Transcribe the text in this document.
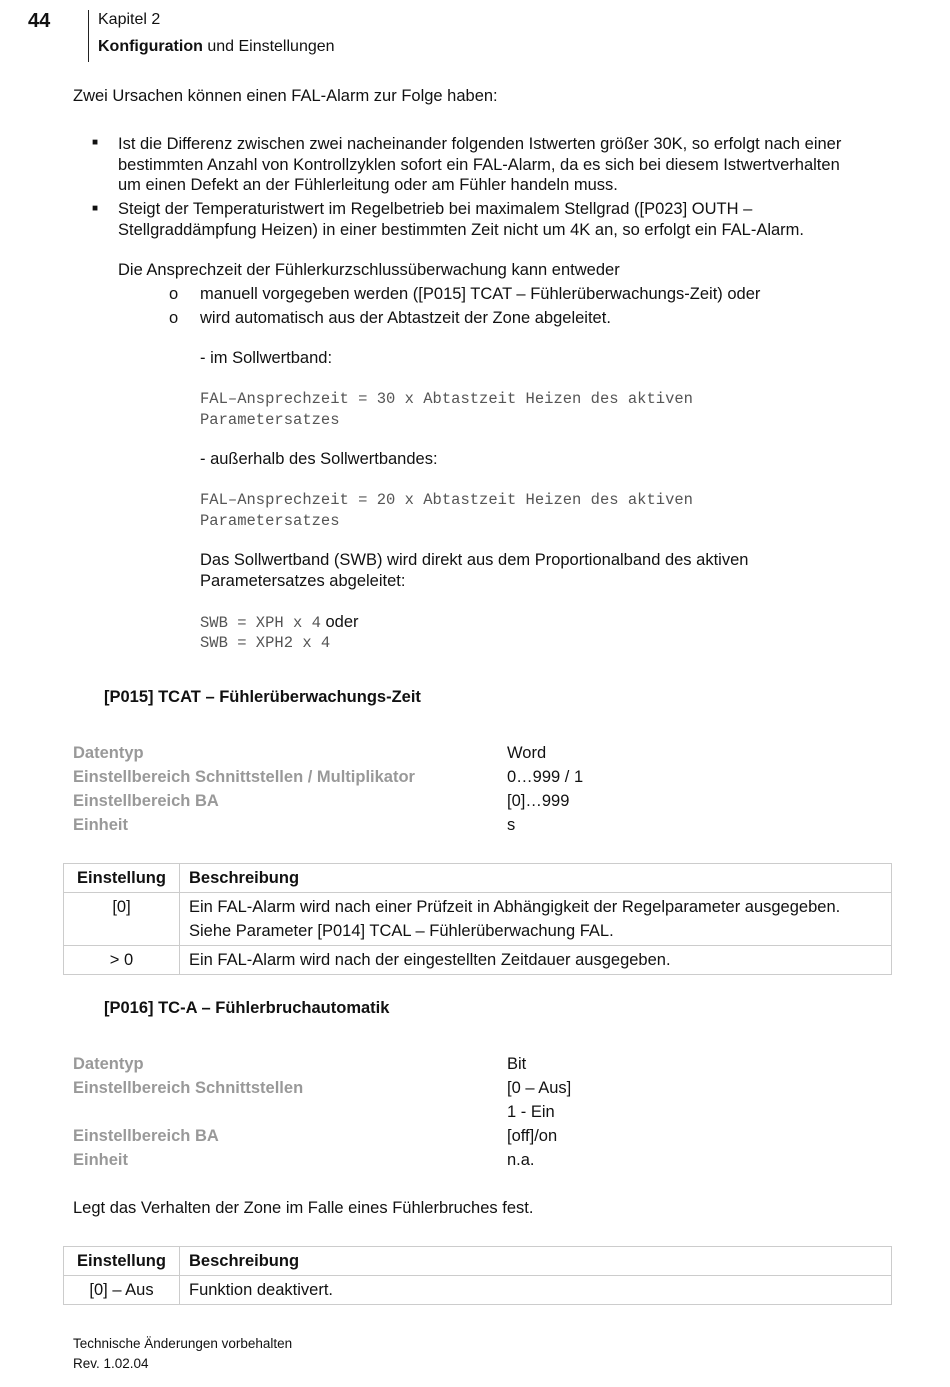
44	Kapitel 2
Konfiguration und Einstellungen
Zwei Ursachen können einen FAL-Alarm zur Folge haben:
■ Ist die Differenz zwischen zwei nacheinander folgenden Istwerten größer 30K, so erfolgt nach einer
bestimmten Anzahl von Kontrollzyklen sofort ein FAL-Alarm, da es sich bei diesem Istwertverhalten
um einen Defekt an der Fühlerleitung oder am Fühler handeln muss.
■ Steigt der Temperaturistwert im Regelbetrieb bei maximalem Stellgrad ([P023] OUTH –
Stellgraddämpfung Heizen) in einer bestimmten Zeit nicht um 4K an, so erfolgt ein FAL-Alarm.
Die Ansprechzeit der Fühlerkurzschlussüberwachung kann entweder
o manuell vorgegeben werden ([P015] TCAT – Fühlerüberwachungs-Zeit) oder
o wird automatisch aus der Abtastzeit der Zone abgeleitet.
- im Sollwertband:
FAL–Ansprechzeit = 30 x Abtastzeit Heizen des aktiven
Parametersatzes
- außerhalb des Sollwertbandes:
FAL–Ansprechzeit = 20 x Abtastzeit Heizen des aktiven
Parametersatzes
Das Sollwertband (SWB) wird direkt aus dem Proportionalband des aktiven
Parametersatzes abgeleitet:
SWB = XPH x 4 oder
SWB = XPH2 x 4
[P015] TCAT – Fühlerüberwachungs-Zeit
Datentyp	Word
Einstellbereich Schnittstellen / Multiplikator	0…999 / 1
Einstellbereich BA	[0]…999
Einheit	s
Einstellung	Beschreibung
[0]	Ein FAL-Alarm wird nach einer Prüfzeit in Abhängigkeit der Regelparameter ausgegeben.
Siehe Parameter [P014] TCAL – Fühlerüberwachung FAL.

> 0	Ein FAL-Alarm wird nach der eingestellten Zeitdauer ausgegeben.
[P016] TC-A – Fühlerbruchautomatik
Datentyp	Bit
Einstellbereich Schnittstellen	[0 – Aus]
1 - Ein
Einstellbereich BA	[off]/on
Einheit	n.a.
Legt das Verhalten der Zone im Falle eines Fühlerbruches fest.
Einstellung	Beschreibung
[0] – Aus	Funktion deaktivert.
Technische Änderungen vorbehalten
Rev. 1.02.04
